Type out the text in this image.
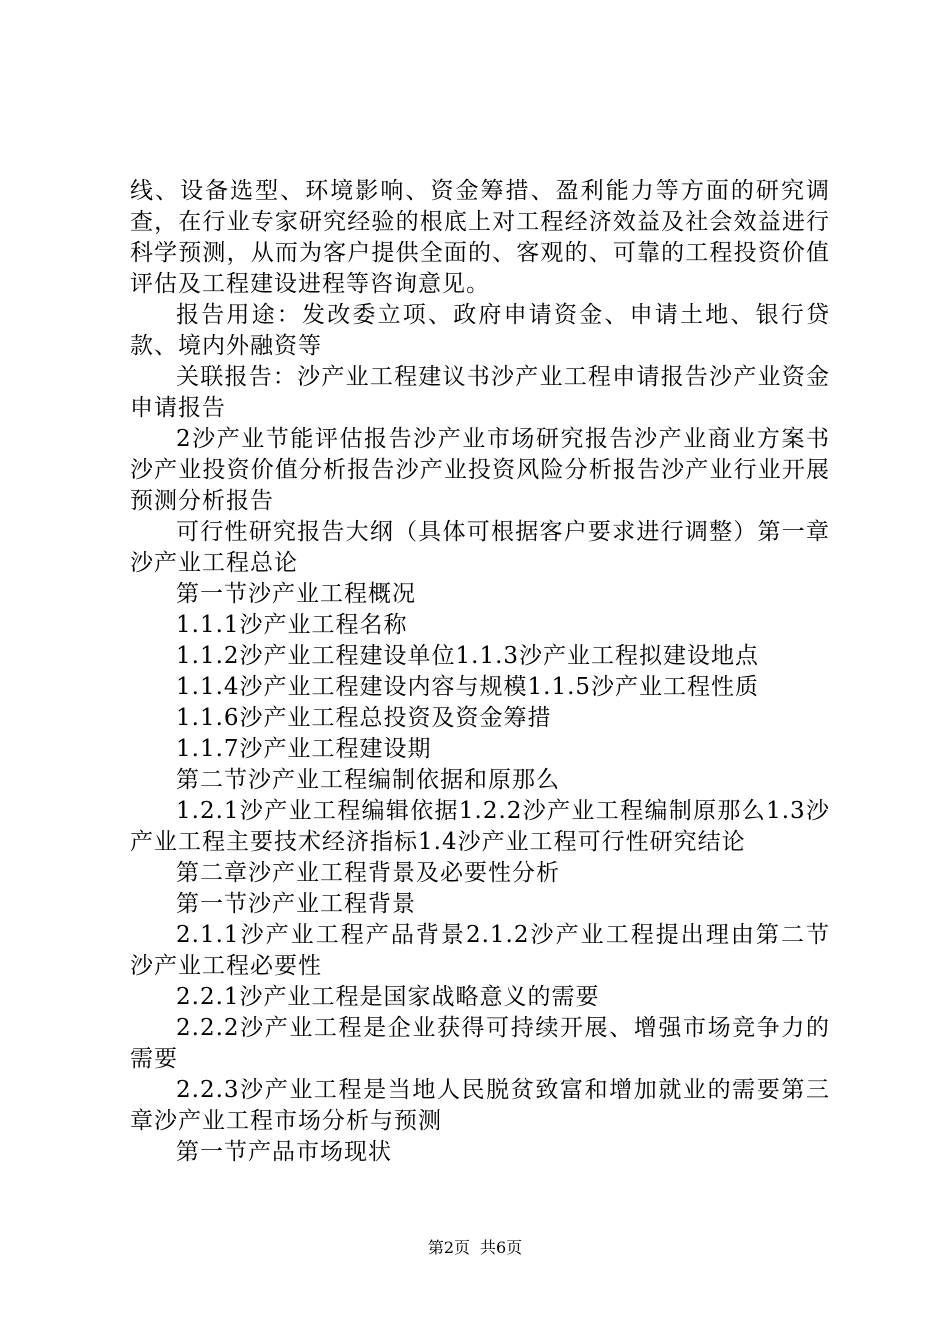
线、设备选型、环境影响、资金筹措、盈利能力等方面的研究调查，在行业专家研究经验的根底上对工程经济效益及社会效益进行科学预测，从而为客户提供全面的、客观的、可靠的工程投资价值评估及工程建设进程等咨询意见。

报告用途：发改委立项、政府申请资金、申请土地、银行贷款、境内外融资等

关联报告：沙产业工程建议书沙产业工程申请报告沙产业资金申请报告

2沙产业节能评估报告沙产业市场研究报告沙产业商业方案书沙产业投资价值分析报告沙产业投资风险分析报告沙产业行业开展预测分析报告

可行性研究报告大纲（具体可根据客户要求进行调整）第一章沙产业工程总论

第一节沙产业工程概况

1.1.1沙产业工程名称

1.1.2沙产业工程建设单位1.1.3沙产业工程拟建设地点

1.1.4沙产业工程建设内容与规模1.1.5沙产业工程性质

1.1.6沙产业工程总投资及资金筹措

1.1.7沙产业工程建设期

第二节沙产业工程编制依据和原那么

1.2.1沙产业工程编辑依据1.2.2沙产业工程编制原那么1.3沙产业工程主要技术经济指标1.4沙产业工程可行性研究结论

第二章沙产业工程背景及必要性分析

第一节沙产业工程背景

2.1.1沙产业工程产品背景2.1.2沙产业工程提出理由第二节沙产业工程必要性

2.2.1沙产业工程是国家战略意义的需要

2.2.2沙产业工程是企业获得可持续开展、增强市场竞争力的需要

2.2.3沙产业工程是当地人民脱贫致富和增加就业的需要第三章沙产业工程市场分析与预测

第一节产品市场现状

第2页 共6页
